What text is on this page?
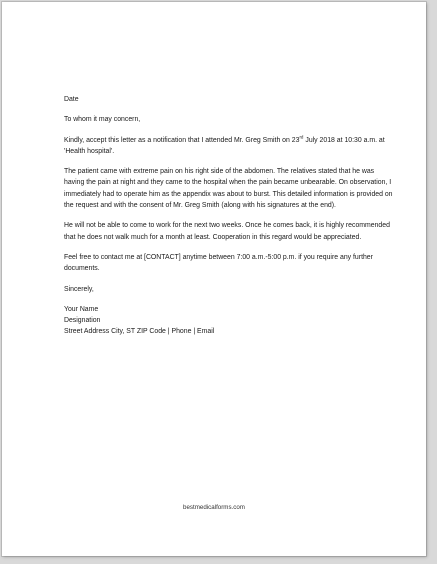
Date

To whom it may concern,

Kindly, accept this letter as a notification that I attended Mr. Greg Smith on 23rd July 2018 at 10:30 a.m. at 'Health hospital'.

The patient came with extreme pain on his right side of the abdomen. The relatives stated that he was having the pain at night and they came to the hospital when the pain became unbearable. On observation, I immediately had to operate him as the appendix was about to burst. This detailed information is provided on the request and with the consent of Mr. Greg Smith (along with his signatures at the end).

He will not be able to come to work for the next two weeks. Once he comes back, it is highly recommended that he does not walk much for a month at least. Cooperation in this regard would be appreciated.

Feel free to contact me at [CONTACT] anytime between 7:00 a.m.-5:00 p.m. if you require any further documents.

Sincerely,

Your Name

Designation

Street Address City, ST ZIP Code | Phone | Email

bestmedicalforms.com
